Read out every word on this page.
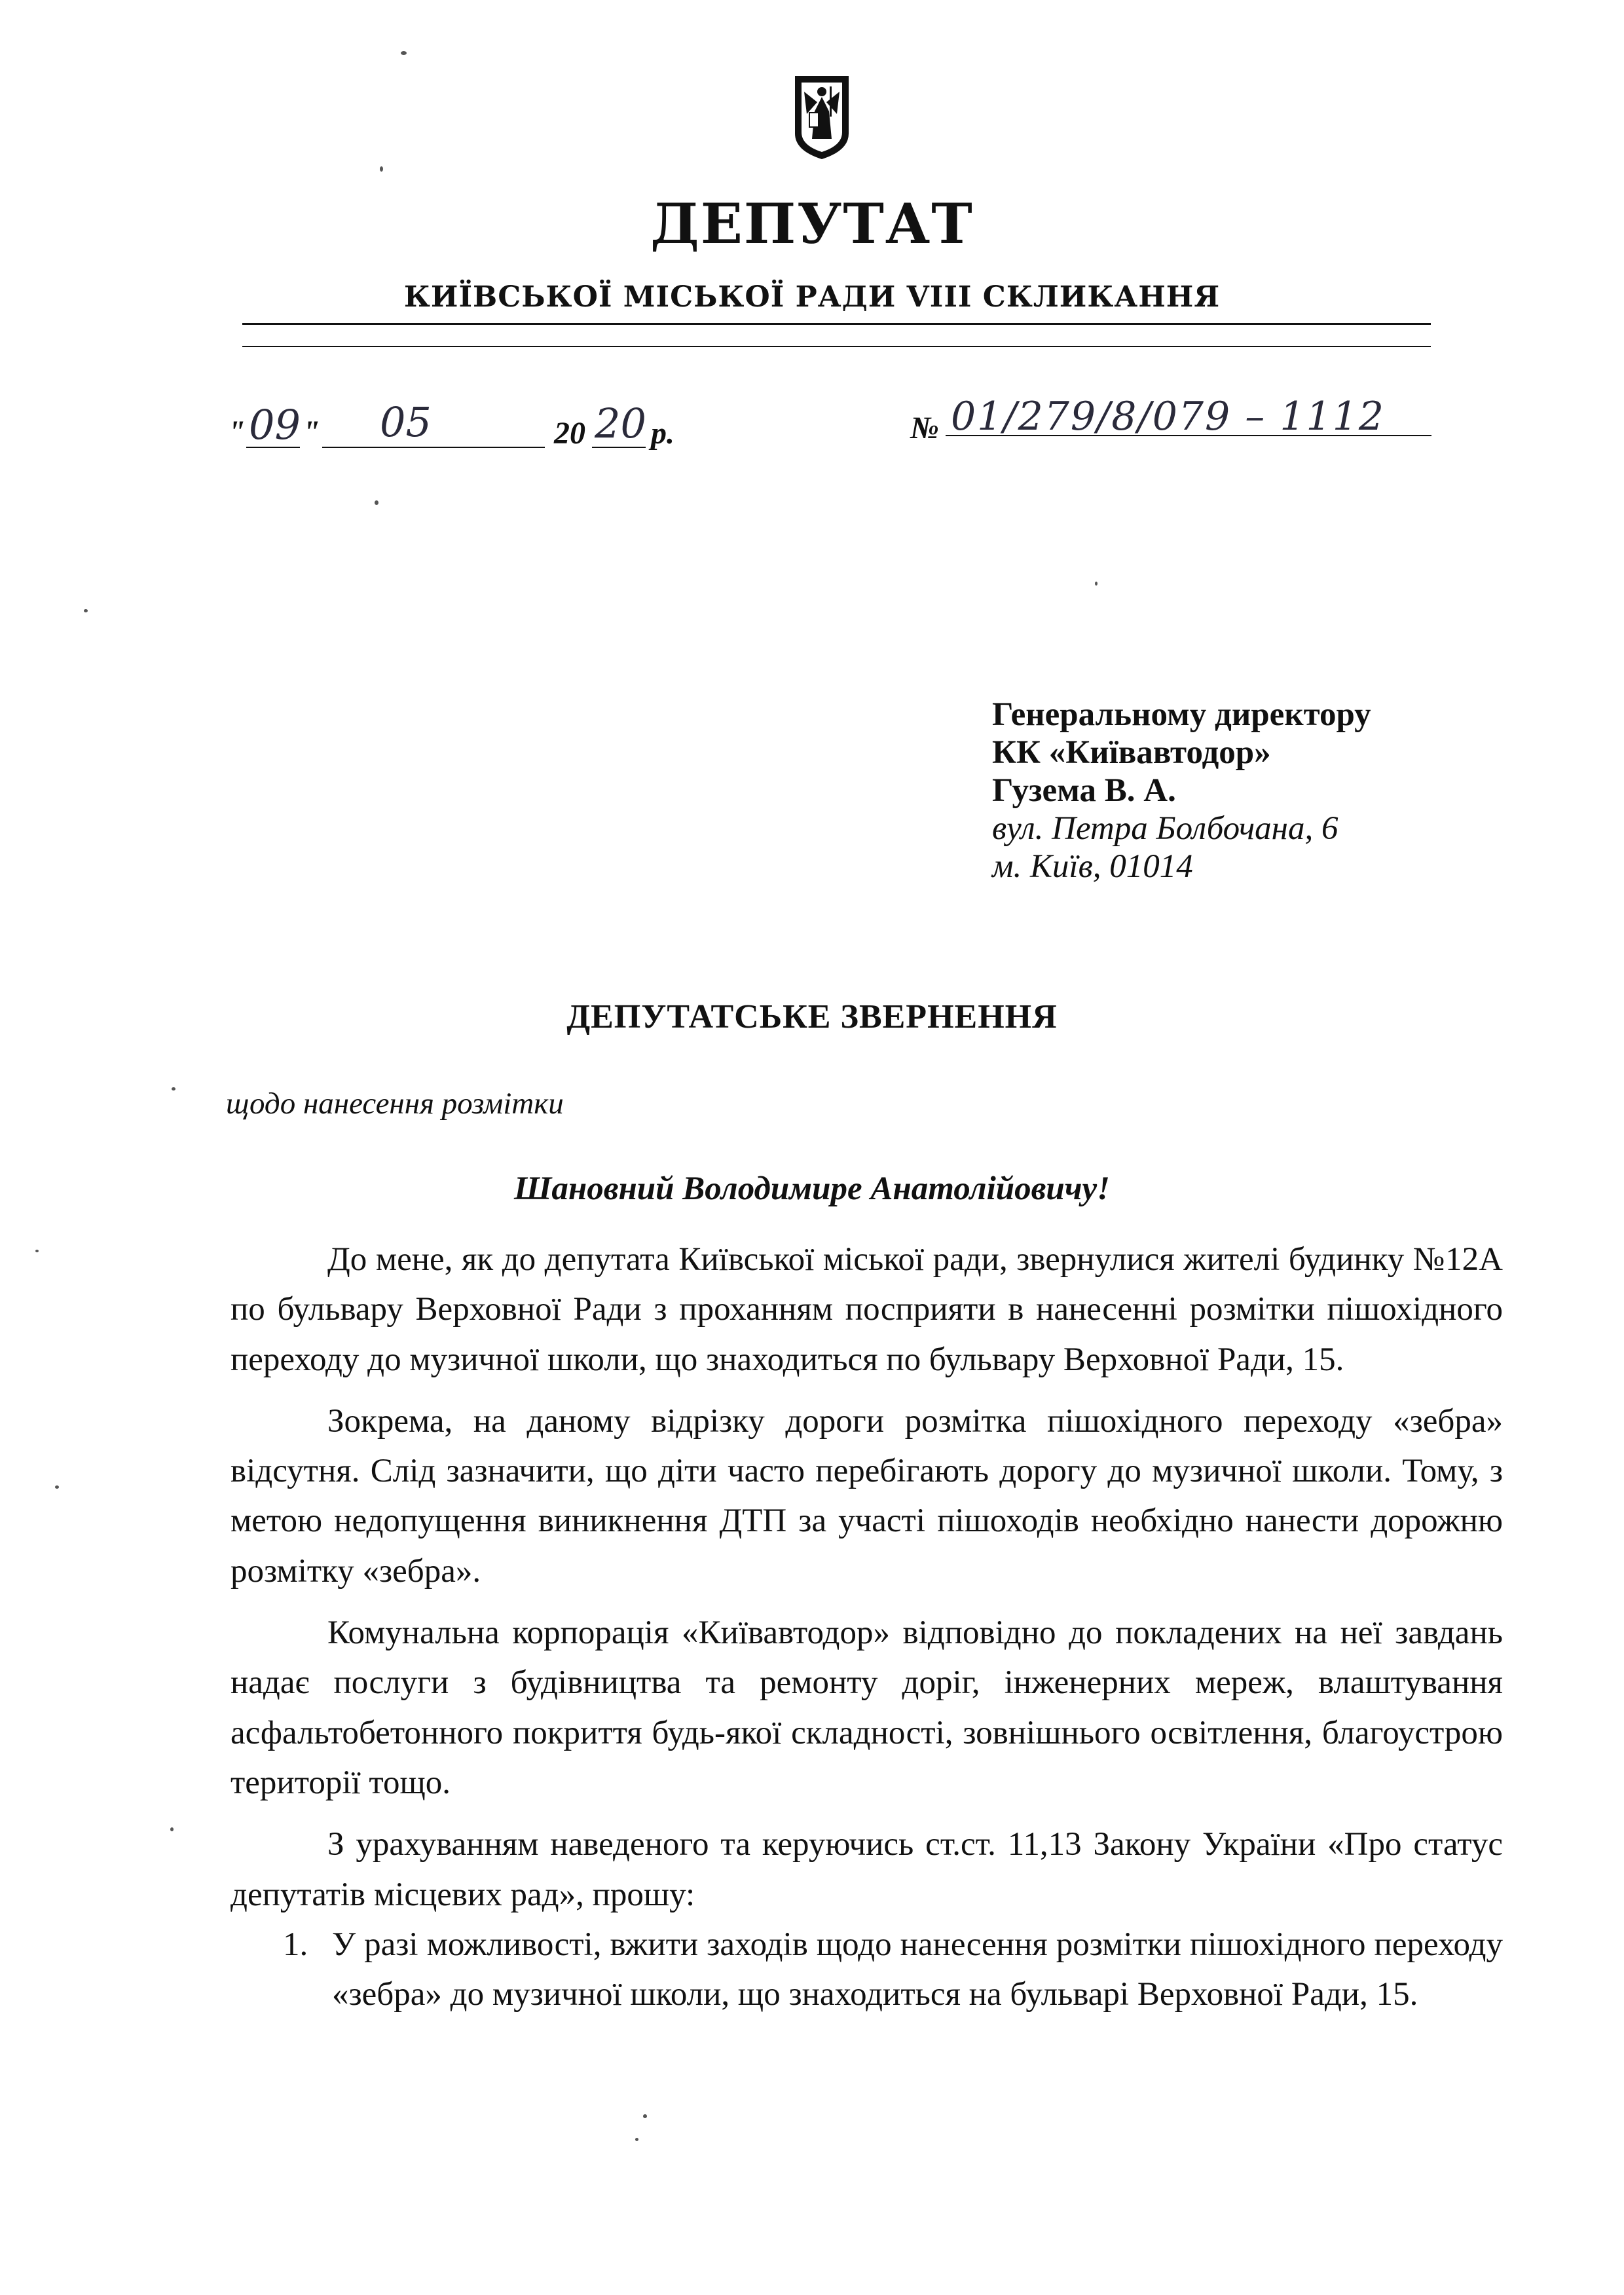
ДЕПУТАТ
КИЇВСЬКОЇ МІСЬКОЇ РАДИ VIII СКЛИКАННЯ
" 09 " 05	20 20 р.	№ 01/279/8/079 – 1112
Генеральному директору
КК «Київавтодор»
Гузема В. А.
вул. Петра Болбочана, 6
м. Київ, 01014
ДЕПУТАТСЬКЕ ЗВЕРНЕННЯ
щодо нанесення розмітки
Шановний Володимире Анатолійовичу!

До мене, як до депутата Київської міської ради, звернулися жителі будинку №12А по бульвару Верховної Ради з проханням посприяти в нанесенні розмітки пішохідного переходу до музичної школи, що знаходиться по бульвару Верховної Ради, 15.

Зокрема, на даному відрізку дороги розмітка пішохідного переходу «зебра» відсутня. Слід зазначити, що діти часто перебігають дорогу до музичної школи. Тому, з метою недопущення виникнення ДТП за участі пішоходів необхідно нанести дорожню розмітку «зебра».

Комунальна корпорація «Київавтодор» відповідно до покладених на неї завдань надає послуги з будівництва та ремонту доріг, інженерних мереж, влаштування асфальтобетонного покриття будь-якої складності, зовнішнього освітлення, благоустрою території тощо.

З урахуванням наведеного та керуючись ст.ст. 11,13 Закону України «Про статус депутатів місцевих рад», прошу:

1. У разі можливості, вжити заходів щодо нанесення розмітки пішохідного переходу «зебра» до музичної школи, що знаходиться на бульварі Верховної Ради, 15.
